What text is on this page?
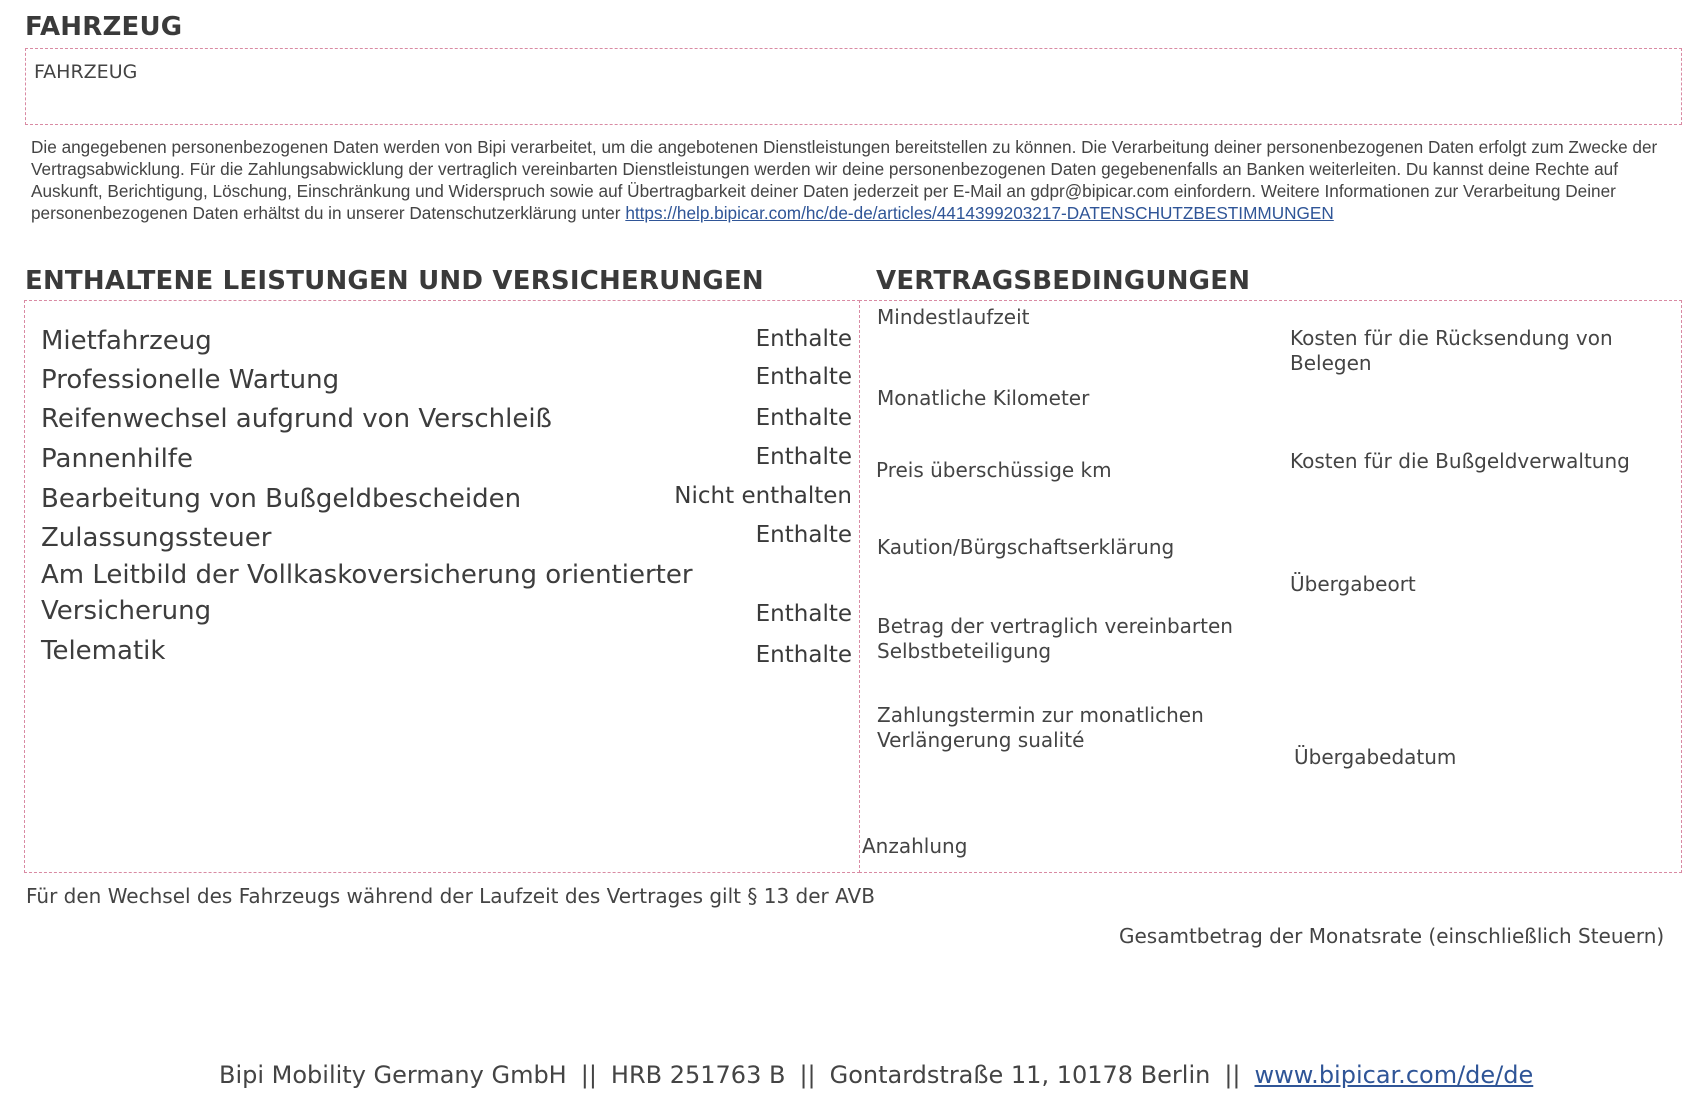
FAHRZEUG
FAHRZEUG
Die angegebenen personenbezogenen Daten werden von Bipi verarbeitet, um die angebotenen Dienstleistungen bereitstellen zu können. Die Verarbeitung deiner personenbezogenen Daten erfolgt zum Zwecke der Vertragsabwicklung. Für die Zahlungsabwicklung der vertraglich vereinbarten Dienstleistungen werden wir deine personenbezogenen Daten gegebenenfalls an Banken weiterleiten. Du kannst deine Rechte auf Auskunft, Berichtigung, Löschung, Einschränkung und Widerspruch sowie auf Übertragbarkeit deiner Daten jederzeit per E-Mail an gdpr@bipicar.com einfordern. Weitere Informationen zur Verarbeitung Deiner personenbezogenen Daten erhältst du in unserer Datenschutzerklärung unter https://help.bipicar.com/hc/de-de/articles/4414399203217-DATENSCHUTZBESTIMMUNGEN
ENTHALTENE LEISTUNGEN UND VERSICHERUNGEN	VERTRAGSBEDINGUNGEN
Mietfahrzeug	Enthalte
Professionelle Wartung	Enthalte
Reifenwechsel aufgrund von Verschleiß	Enthalte
Pannenhilfe	Enthalte
Bearbeitung von Bußgeldbescheiden	Nicht enthalten
Zulassungssteuer	Enthalte
Am Leitbild der Vollkaskoversicherung orientierter
Versicherung	Enthalte
Telematik	Enthalte
Mindestlaufzeit
Monatliche Kilometer
Preis überschüssige km
Kaution/Bürgschaftserklärung
Betrag der vertraglich vereinbarten
Selbstbeteiligung
Zahlungstermin zur monatlichen
Verlängerung sualité
Anzahlung
Kosten für die Rücksendung von
Belegen
Kosten für die Bußgeldverwaltung
Übergabeort
Übergabedatum
Für den Wechsel des Fahrzeugs während der Laufzeit des Vertrages gilt § 13 der AVB
Gesamtbetrag der Monatsrate (einschließlich Steuern)
Bipi Mobility Germany GmbH || HRB 251763 B || Gontardstraße 11, 10178 Berlin || www.bipicar.com/de/de
